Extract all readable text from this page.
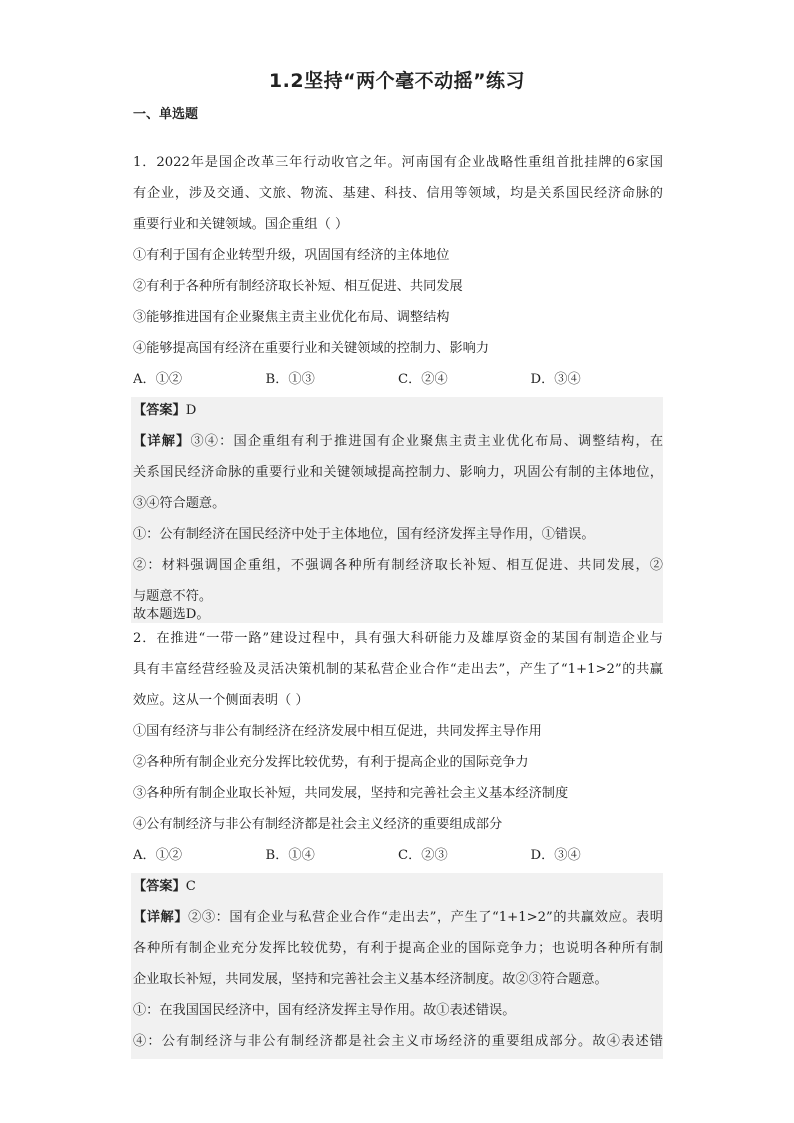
1.2坚持“两个毫不动摇”练习
一、单选题
1．2022年是国企改革三年行动收官之年。河南国有企业战略性重组首批挂牌的6家国
有企业，涉及交通、文旅、物流、基建、科技、信用等领域，均是关系国民经济命脉的
重要行业和关键领域。国企重组（ ）
①有利于国有企业转型升级，巩固国有经济的主体地位
②有利于各种所有制经济取长补短、相互促进、共同发展
③能够推进国有企业聚焦主责主业优化布局、调整结构
④能够提高国有经济在重要行业和关键领域的控制力、影响力
A．①②	B．①③	C．②④	D．③④
【答案】D
【详解】③④：国企重组有利于推进国有企业聚焦主责主业优化布局、调整结构，在
关系国民经济命脉的重要行业和关键领域提高控制力、影响力，巩固公有制的主体地位，
③④符合题意。
①：公有制经济在国民经济中处于主体地位，国有经济发挥主导作用，①错误。
②：材料强调国企重组，不强调各种所有制经济取长补短、相互促进、共同发展，②
与题意不符。
故本题选D。
2．在推进“一带一路”建设过程中，具有强大科研能力及雄厚资金的某国有制造企业与
具有丰富经营经验及灵活决策机制的某私营企业合作“走出去”，产生了“1+1>2”的共赢
效应。这从一个侧面表明（ ）
①国有经济与非公有制经济在经济发展中相互促进，共同发挥主导作用
②各种所有制企业充分发挥比较优势，有利于提高企业的国际竞争力
③各种所有制企业取长补短，共同发展，坚持和完善社会主义基本经济制度
④公有制经济与非公有制经济都是社会主义经济的重要组成部分
A．①②	B．①④	C．②③	D．③④
【答案】C
【详解】②③：国有企业与私营企业合作“走出去”，产生了“1+1>2”的共赢效应。表明
各种所有制企业充分发挥比较优势，有利于提高企业的国际竞争力；也说明各种所有制
企业取长补短，共同发展，坚持和完善社会主义基本经济制度。故②③符合题意。
①：在我国国民经济中，国有经济发挥主导作用。故①表述错误。
④：公有制经济与非公有制经济都是社会主义市场经济的重要组成部分。故④表述错
